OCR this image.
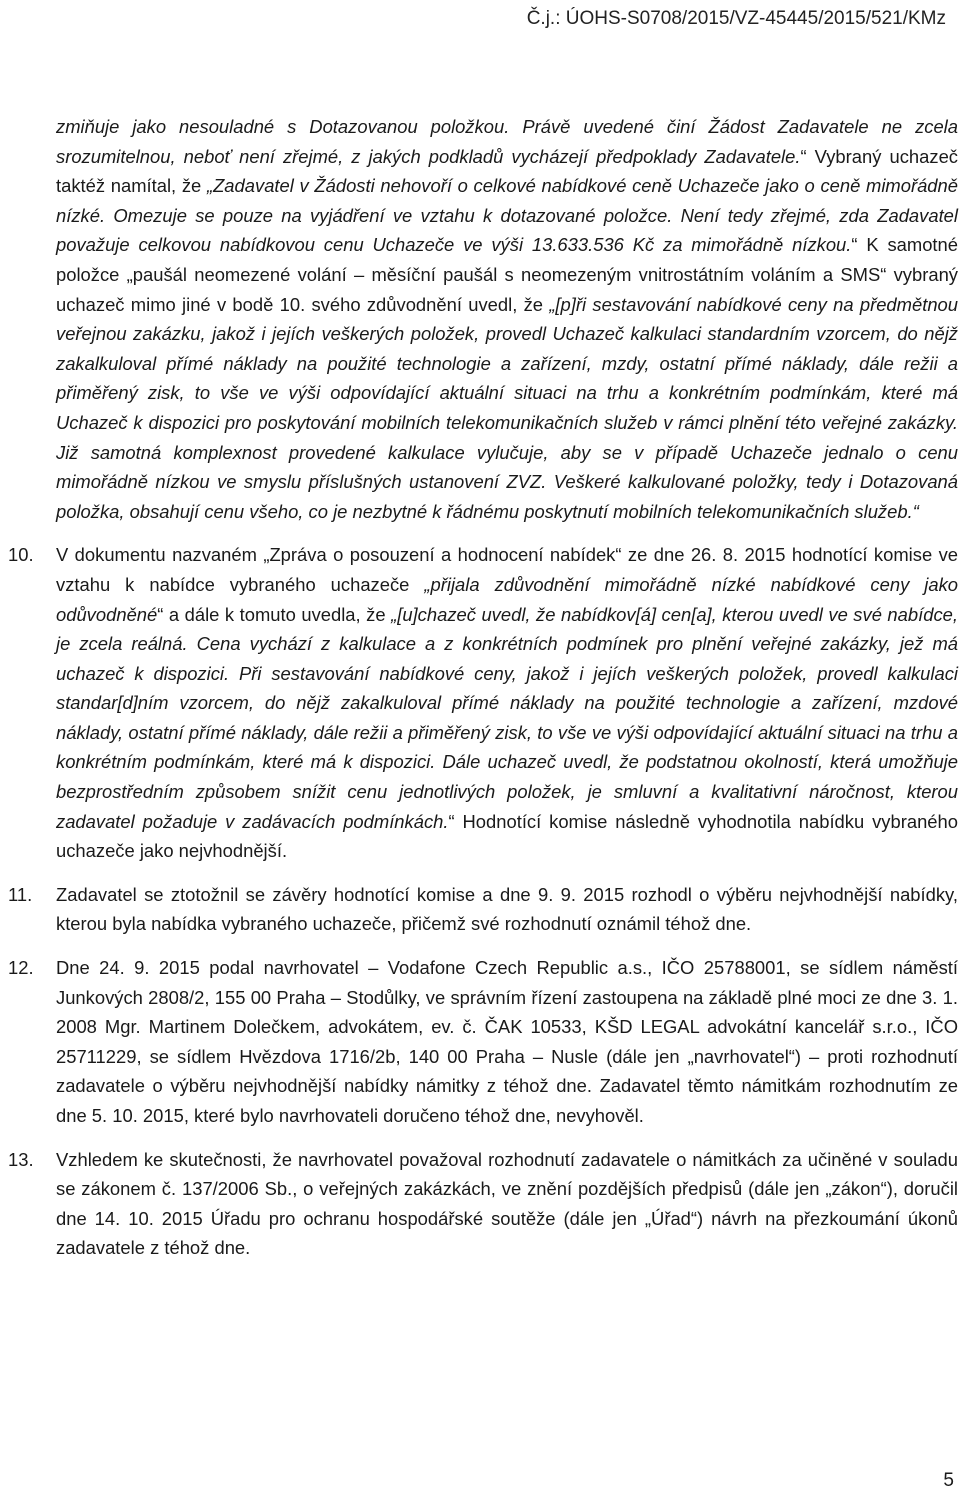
Č.j.: ÚOHS-S0708/2015/VZ-45445/2015/521/KMz

zmiňuje jako nesouladné s Dotazovanou položkou. Právě uvedené činí Žádost Zadavatele ne zcela srozumitelnou, neboť není zřejmé, z jakých podkladů vycházejí předpoklady Zadavatele.“ Vybraný uchazeč taktéž namítal, že „Zadavatel v Žádosti nehovoří o celkové nabídkové ceně Uchazeče jako o ceně mimořádně nízké. Omezuje se pouze na vyjádření ve vztahu k dotazované položce. Není tedy zřejmé, zda Zadavatel považuje celkovou nabídkovou cenu Uchazeče ve výši 13.633.536 Kč za mimořádně nízkou.“ K samotné položce „paušál neomezené volání – měsíční paušál s neomezeným vnitrostátním voláním a SMS“ vybraný uchazeč mimo jiné v bodě 10. svého zdůvodnění uvedl, že „[p]ři sestavování nabídkové ceny na předmětnou veřejnou zakázku, jakož i jejích veškerých položek, provedl Uchazeč kalkulaci standardním vzorcem, do nějž zakalkuloval přímé náklady na použité technologie a zařízení, mzdy, ostatní přímé náklady, dále režii a přiměřený zisk, to vše ve výši odpovídající aktuální situaci na trhu a konkrétním podmínkám, které má Uchazeč k dispozici pro poskytování mobilních telekomunikačních služeb v rámci plnění této veřejné zakázky. Již samotná komplexnost provedené kalkulace vylučuje, aby se v případě Uchazeče jednalo o cenu mimořádně nízkou ve smyslu příslušných ustanovení ZVZ. Veškeré kalkulované položky, tedy i Dotazovaná položka, obsahují cenu všeho, co je nezbytné k řádnému poskytnutí mobilních telekomunikačních služeb.“

10. V dokumentu nazvaném „Zpráva o posouzení a hodnocení nabídek“ ze dne 26. 8. 2015 hodnotící komise ve vztahu k nabídce vybraného uchazeče „přijala zdůvodnění mimořádně nízké nabídkové ceny jako odůvodněné“ a dále k tomuto uvedla, že „[u]chazeč uvedl, že nabídkov[á] cen[a], kterou uvedl ve své nabídce, je zcela reálná. Cena vychází z kalkulace a z konkrétních podmínek pro plnění veřejné zakázky, jež má uchazeč k dispozici. Při sestavování nabídkové ceny, jakož i jejích veškerých položek, provedl kalkulaci standar[d]ním vzorcem, do nějž zakalkuloval přímé náklady na použité technologie a zařízení, mzdové náklady, ostatní přímé náklady, dále režii a přiměřený zisk, to vše ve výši odpovídající aktuální situaci na trhu a konkrétním podmínkám, které má k dispozici. Dále uchazeč uvedl, že podstatnou okolností, která umožňuje bezprostředním způsobem snížit cenu jednotlivých položek, je smluvní a kvalitativní náročnost, kterou zadavatel požaduje v zadávacích podmínkách.“ Hodnotící komise následně vyhodnotila nabídku vybraného uchazeče jako nejvhodnější.

11. Zadavatel se ztotožnil se závěry hodnotící komise a dne 9. 9. 2015 rozhodl o výběru nejvhodnější nabídky, kterou byla nabídka vybraného uchazeče, přičemž své rozhodnutí oznámil téhož dne.

12. Dne 24. 9. 2015 podal navrhovatel – Vodafone Czech Republic a.s., IČO 25788001, se sídlem náměstí Junkových 2808/2, 155 00 Praha – Stodůlky, ve správním řízení zastoupena na základě plné moci ze dne 3. 1. 2008 Mgr. Martinem Dolečkem, advokátem, ev. č. ČAK 10533, KŠD LEGAL advokátní kancelář s.r.o., IČO 25711229, se sídlem Hvězdova 1716/2b, 140 00 Praha – Nusle (dále jen „navrhovatel“) – proti rozhodnutí zadavatele o výběru nejvhodnější nabídky námitky z téhož dne. Zadavatel těmto námitkám rozhodnutím ze dne 5. 10. 2015, které bylo navrhovateli doručeno téhož dne, nevyhověl.

13. Vzhledem ke skutečnosti, že navrhovatel považoval rozhodnutí zadavatele o námitkách za učiněné v souladu se zákonem č. 137/2006 Sb., o veřejných zakázkách, ve znění pozdějších předpisů (dále jen „zákon“), doručil dne 14. 10. 2015 Úřadu pro ochranu hospodářské soutěže (dále jen „Úřad“) návrh na přezkoumání úkonů zadavatele z téhož dne.

5
